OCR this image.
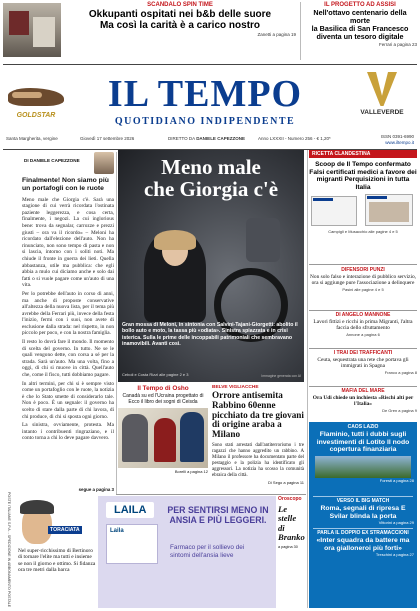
SCANDALO SPIN TIME
Okkupanti ospitati nei b&b delle suore
Ma così la carità è a carico nostro
Zanetti a pagina 19
IL PROGETTO AD ASSISI
Nell'ottavo centenario della morte
la Basilica di San Francesco
diventa un tesoro digitale
Ferrari a pagina 23
GOLDSTAR
IL TEMPO
QUOTIDIANO INDIPENDENTE
VALLEVERDE
Santa Margherita, vergine	Giovedì 17 settembre 2026	DIRETTO DA DANIELE CAPEZZONE	Anno LXXXII - Numero 256 - € 1,20*	ISSN 0391-6990
www.iltempo.it
DI DANIELE CAPEZZONE
Finalmente! Non siamo più un portafogli con le ruote

Meno male che Giorgia c'è. Sarà una stagione di cui verrà ricordata l'ostinata paziente leggerezza, e cosa certa, finalmente, i negozi. La cui inglorious bene: trova da segnalar, carrozze e prezzi giusti – ora va il ricordo» – Meloni ha ricordato dall'elezione dell'auto. Non ha rinunciato, non sono tempo di pasta e non si lascia, intorno con i soliti noti. Ma chiude il fronte in guerra dei lieti. Quella abbastanza, utile ma pubblica: che egli abbia a mulo cui diciamo anche e solo dai fatti o si vuole pagare come un'auto di una vita.

Per lo potrebbe dell'auto in corso di anni, ma anche di proposte conservative all'altezza della nuova lista, per il tema più avrebbe della Ferrari più, invece della festa l'inizio, fermi con i suoi, non avete di esclusione dalla strada: nel rispetto, in non piccolo per poco, e con la nostra famiglia.

Il resto lo dovrà fare il mondo. Il momento di scelta del governo. In tutto. Ne se le quali vengono dette, con corsa a sé per la strada. Sarà un'auto. Ma una volta, fino a oggi, di chi si muove in città. Quell'auto che, come il fisco, tutti dobbiamo pagare.

In altri termini, per chi si è sempre visto come un portafoglio con le ruote, la notizia è che lo Stato smette di considerarlo tale. Non è poco. È un segnale: il governo ha scelto di stare dalla parte di chi lavora, di chi produce, di chi si sposta ogni giorno.

La sinistra, ovviamente, protesta. Ma intanto i contribuenti ringraziano, e il conto torna a chi lo deve pagare davvero.

segue a pagina 3
POSTE ITALIANE S.P.A. - SPEDIZIONE IN ABBONAMENTO POSTALE
Meno male
che Giorgia c'è
Gran mossa di Meloni, in sintonia con Salvini-Tajani-Giorgetti: abolito il bollo auto e moto, la tassa più «odiata». Sinistra spiazzata e in crisi isterica. Sulla le prime delle incoppabili patrimoniali che sembravano inamovibili. Avanti così.
Ceboli e Costa Rizzi alle pagine 2 e 3	Immagine generata con AI
Il Tempo di Osho
Canadà su ed l'Ucraina progettato di Ecco il libro dei sogni di Ceisda
Borelli a pagina 12
BELVE VIGLIACCHE
Orrore antisemita Rabbino 60enne picchiato da tre giovani di origine araba a Milano
Sono stati arrestati dall'antiterrorismo i tre ragazzi che hanno aggredito un rabbino. A Milano il professore ha documentato parte del pestaggio e la polizia ha identificato gli aggressori. La notizia ha scosso la comunità ebraica della città.
Di Sego a pagina 11
TORACIATA
Nel super-ricchissimo di Bertinoro di tornare l'elite ma tutti e insieme se non il giorno e ottimo. Si fidanza ora tre metri dalla barca
LAILA
Laila
PER SENTIRSI MENO IN ANSIA E PIÙ LEGGERI.
Farmaco per il sollievo dei sintomi dell'ansia lieve
Oroscopo
Le
stelle
di
Branko
a pagina 30
RICETTA CLANDESTINA
Scoop de Il Tempo confermato Falsi certificati medici a favore dei migranti Perquisizioni in tutta Italia
Campigli e Musacchio alle pagine 4 e 5
DIFENSORI PUNZI
Non solo falso e interazione di pubblico servizio, ora si aggiunge pure l'associazione a delinquere
Pasini alle pagine 4 e 5
DI ANGELO MANNONE
Lavori fittizi e ricchi in prima Migranti, l'altra faccia dello sfruttamento
Annone a pagina 6
I TRAI DEI TRAFFICANTI
Ceuta, sequestrata una rete che portava gli immigrati in Spagna
Franco a pagina 8
MAFIA DEL MARE
Ora Udi chiede un inchiesta «Rischi alti per l'Italia»
De Gren a pagina 9
CAOS LAZIO
Flaminio, tutti i dubbi sugli investimenti di Lotito Il nodo copertura finanziaria
Foresti a pagina 28
VERSO IL BIG MATCH
Roma, segnali di ripresa E Svilar blinda la porta
Vittorini a pagina 29
PARLA IL DOPPIO EX STRAMACCIONI
«Inter squadra da battere ma ora gialloneroi più forti»
Treschini a pagina 27
